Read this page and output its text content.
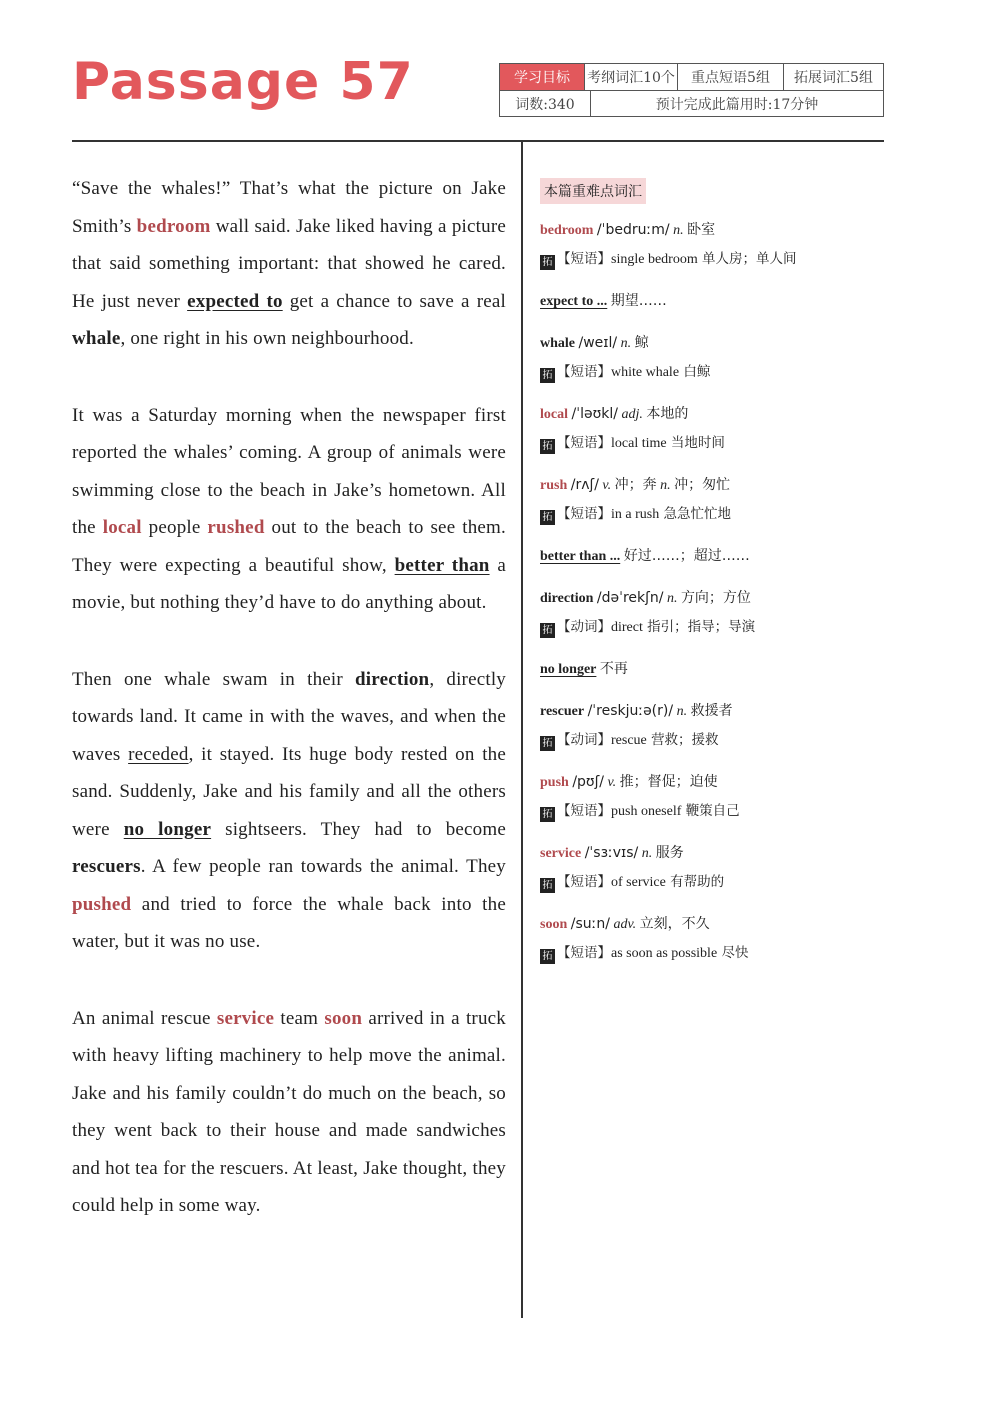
Passage 57	学习目标	考纲词汇10个	重点短语5组	拓展词汇5组
词数:340	预计完成此篇用时:17分钟

“Save the whales!” That’s what the picture on Jake Smith’s bedroom wall said. Jake liked having a picture that said something important: that showed he cared. He just never expected to get a chance to save a real whale, one right in his own neighbourhood.

It was a Saturday morning when the newspaper first reported the whales’ coming. A group of animals were swimming close to the beach in Jake’s hometown. All the local people rushed out to the beach to see them. They were expecting a beautiful show, better than a movie, but nothing they’d have to do anything about.

Then one whale swam in their direction, directly towards land. It came in with the waves, and when the waves receded, it stayed. Its huge body rested on the sand. Suddenly, Jake and his family and all the others were no longer sightseers. They had to become rescuers. A few people ran towards the animal. They pushed and tried to force the whale back into the water, but it was no use.

An animal rescue service team soon arrived in a truck with heavy lifting machinery to help move the animal. Jake and his family couldn’t do much on the beach, so they went back to their house and made sandwiches and hot tea for the rescuers. At least, Jake thought, they could help in some way.

本篇重难点词汇
bedroom /ˈbedruːm/ n. 卧室
拓 【短语】single bedroom 单人房；单人间
expect to ... 期望……
whale /weɪl/ n. 鲸
拓 【短语】white whale 白鲸
local /ˈləʊkl/ adj. 本地的
拓 【短语】local time 当地时间
rush /rʌʃ/ v. 冲；奔 n. 冲；匆忙
拓 【短语】in a rush 急急忙忙地
better than ... 好过……；超过……
direction /dəˈrekʃn/ n. 方向；方位
拓 【动词】direct 指引；指导；导演
no longer 不再
rescuer /ˈreskjuːə(r)/ n. 救援者
拓 【动词】rescue 营救；援救
push /pʊʃ/ v. 推；督促；迫使
拓 【短语】push oneself 鞭策自己
service /ˈsɜːvɪs/ n. 服务
拓 【短语】of service 有帮助的
soon /suːn/ adv. 立刻，不久
拓 【短语】as soon as possible 尽快
